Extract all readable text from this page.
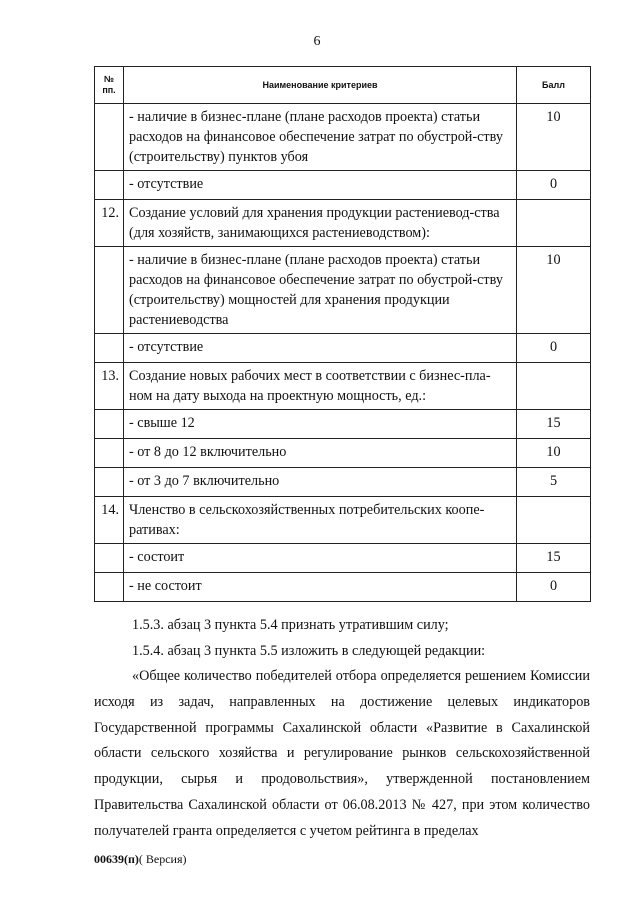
6
№
пп.	Наименование критериев	Балл
	- наличие в бизнес-плане (плане расходов проекта) статьи расходов на финансовое обеспечение затрат по обустрой-ству (строительству) пунктов убоя	10
	- отсутствие	0
12.	Создание условий для хранения продукции растениевод-ства (для хозяйств, занимающихся растениеводством):	
	- наличие в бизнес-плане (плане расходов проекта) статьи расходов на финансовое обеспечение затрат по обустрой-ству (строительству) мощностей для хранения продукции растениеводства	10
	- отсутствие	0
13.	Создание новых рабочих мест в соответствии с бизнес-пла-ном на дату выхода на проектную мощность, ед.:	
	- свыше 12	15
	- от 8 до 12 включительно	10
	- от 3 до 7 включительно	5
14.	Членство в сельскохозяйственных потребительских коопе-ративах:	
	- состоит	15
	- не состоит	0
1.5.3. абзац 3 пункта 5.4 признать утратившим силу;
1.5.4. абзац 3 пункта 5.5 изложить в следующей редакции:
«Общее количество победителей отбора определяется решением Комиссии исходя из задач, направленных на достижение целевых индикаторов Государственной программы Сахалинской области «Развитие в Сахалинской области сельского хозяйства и регулирование рынков сельскохозяйственной продукции, сырья и продовольствия», утвержденной постановлением Правительства Сахалинской области от 06.08.2013 № 427, при этом количество получателей гранта определяется с учетом рейтинга в пределах
00639(п)( Версия)
